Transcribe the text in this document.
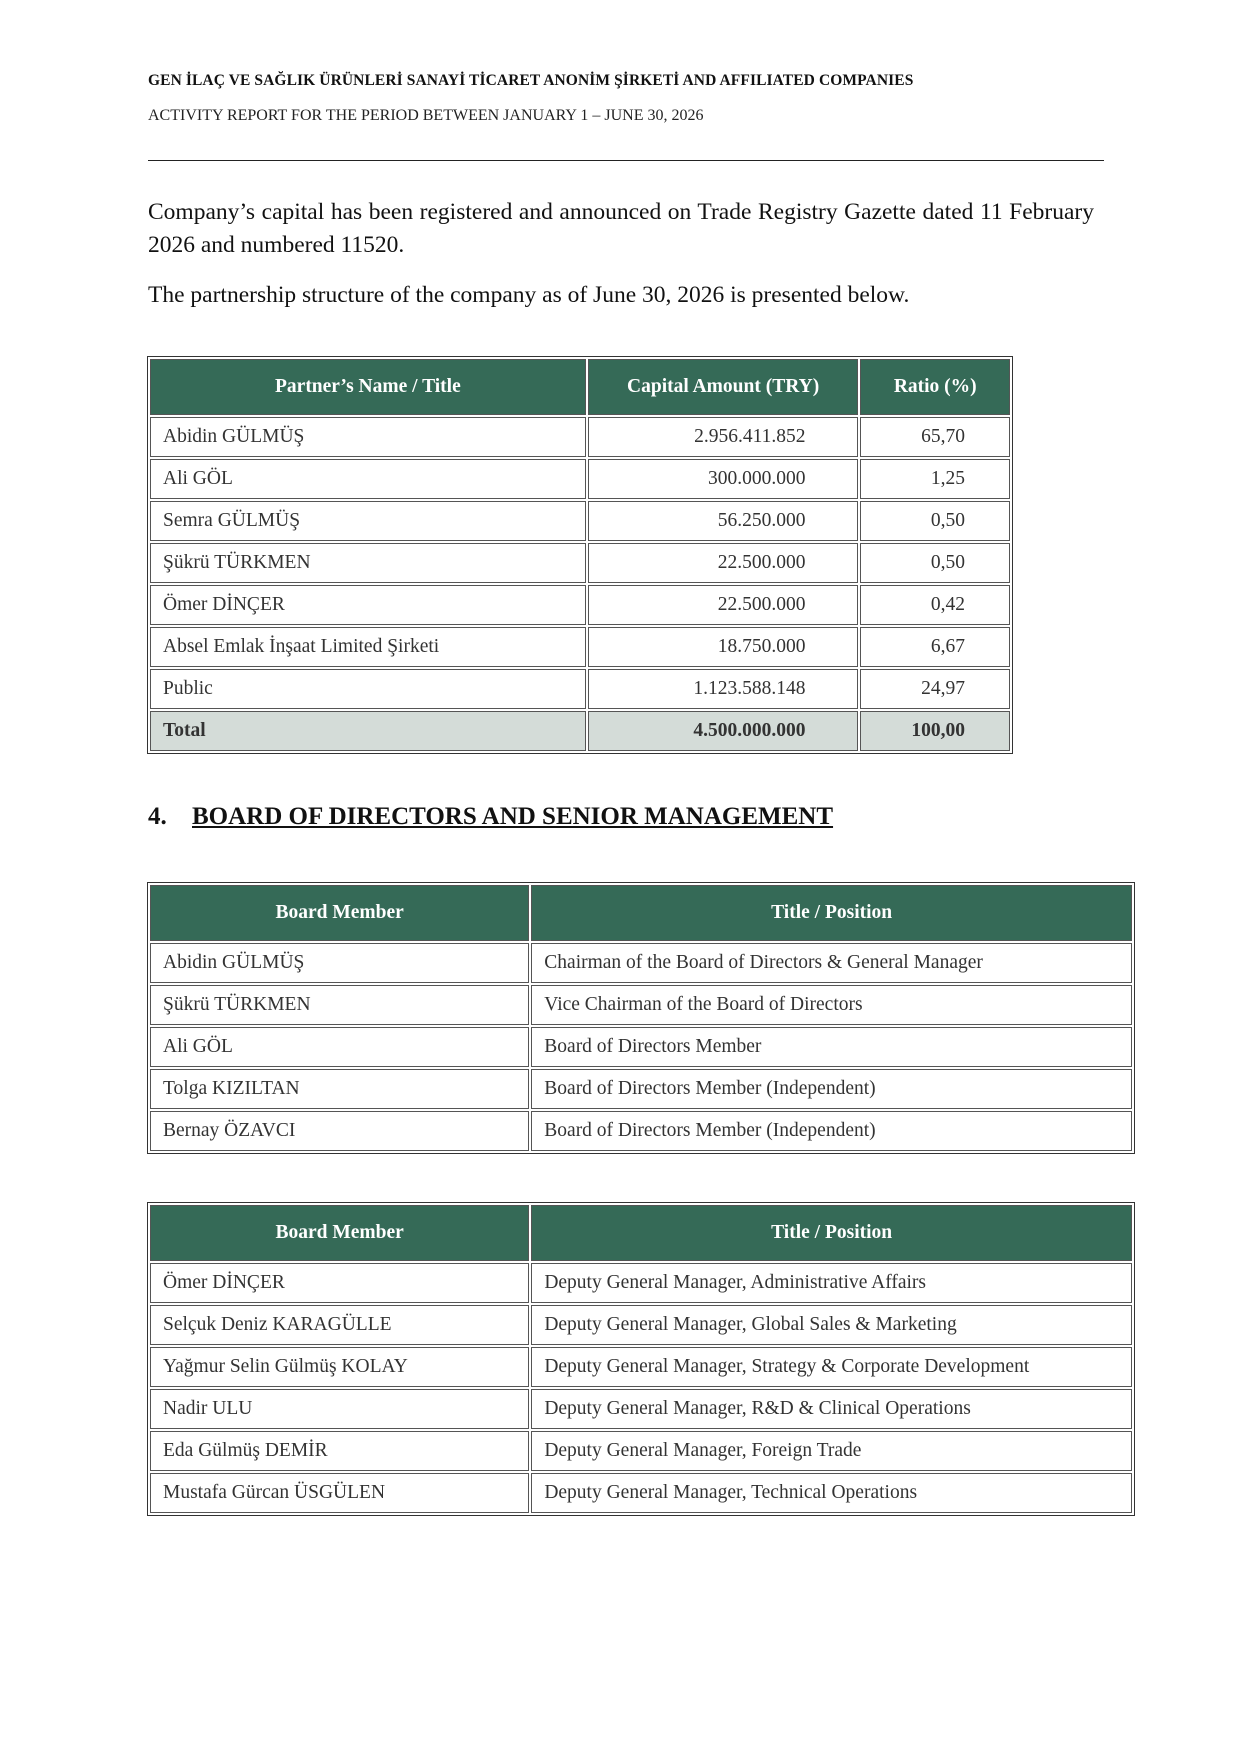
GEN İLAÇ VE SAĞLIK ÜRÜNLERİ SANAYİ TİCARET ANONİM ŞİRKETİ AND AFFILIATED COMPANIES

ACTIVITY REPORT FOR THE PERIOD BETWEEN JANUARY 1 – JUNE 30, 2026

Company’s capital has been registered and announced on Trade Registry Gazette dated 11 February 2026 and numbered 11520.

The partnership structure of the company as of June 30, 2026 is presented below.

Partner’s Name / Title	Capital Amount (TRY)	Ratio (%)
Abidin GÜLMÜŞ	2.956.411.852	65,70
Ali GÖL	300.000.000	1,25
Semra GÜLMÜŞ	56.250.000	0,50
Şükrü TÜRKMEN	22.500.000	0,50
Ömer DİNÇER	22.500.000	0,42
Absel Emlak İnşaat Limited Şirketi	18.750.000	6,67
Public	1.123.588.148	24,97
Total	4.500.000.000	100,00
4. BOARD OF DIRECTORS AND SENIOR MANAGEMENT
Board Member	Title / Position
Abidin GÜLMÜŞ	Chairman of the Board of Directors & General Manager
Şükrü TÜRKMEN	Vice Chairman of the Board of Directors
Ali GÖL	Board of Directors Member
Tolga KIZILTAN	Board of Directors Member (Independent)
Bernay ÖZAVCI	Board of Directors Member (Independent)
Board Member	Title / Position
Ömer DİNÇER	Deputy General Manager, Administrative Affairs
Selçuk Deniz KARAGÜLLE	Deputy General Manager, Global Sales & Marketing
Yağmur Selin Gülmüş KOLAY	Deputy General Manager, Strategy & Corporate Development
Nadir ULU	Deputy General Manager, R&D & Clinical Operations
Eda Gülmüş DEMİR	Deputy General Manager, Foreign Trade
Mustafa Gürcan ÜSGÜLEN	Deputy General Manager, Technical Operations
